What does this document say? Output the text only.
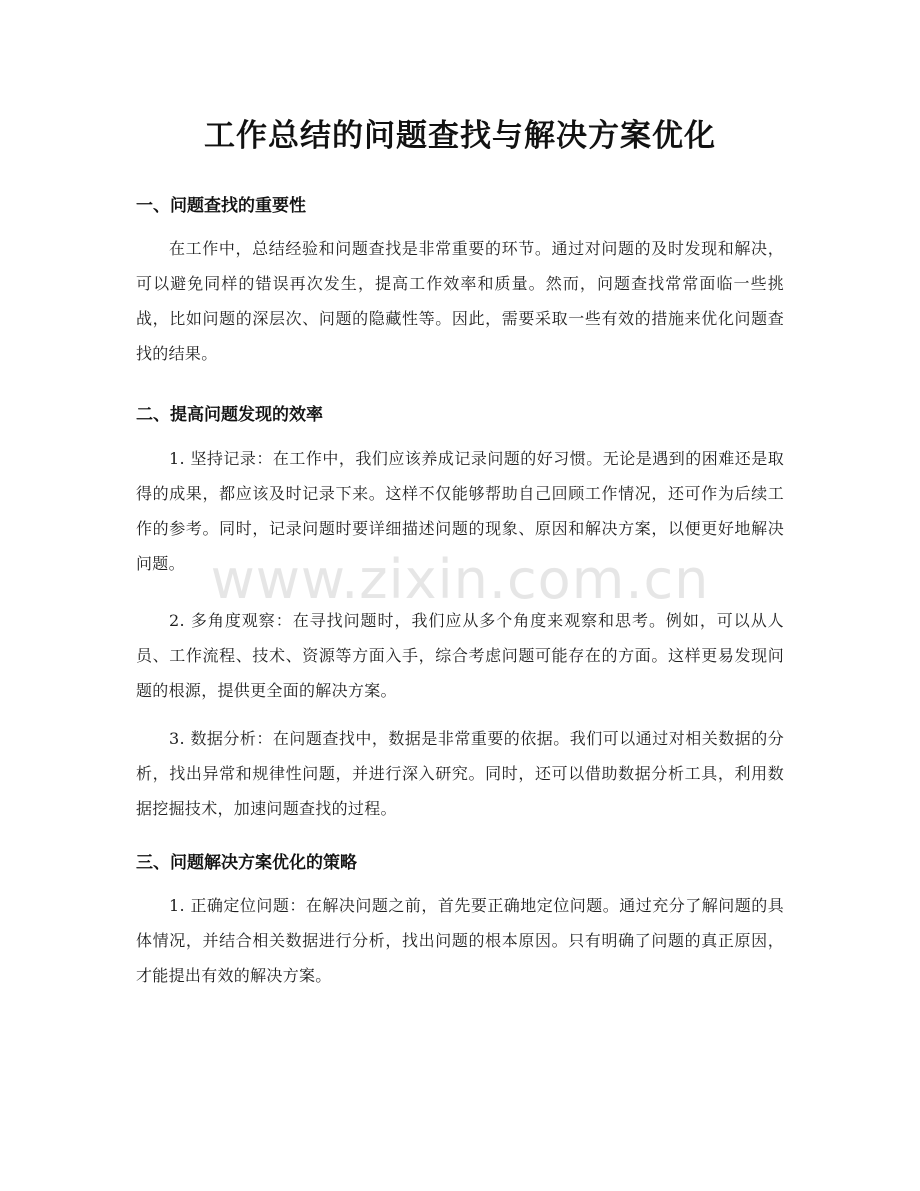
工作总结的问题查找与解决方案优化
一、问题查找的重要性

在工作中，总结经验和问题查找是非常重要的环节。通过对问题的及时发现和解决，可以避免同样的错误再次发生，提高工作效率和质量。然而，问题查找常常面临一些挑战，比如问题的深层次、问题的隐藏性等。因此，需要采取一些有效的措施来优化问题查找的结果。

二、提高问题发现的效率

1. 坚持记录：在工作中，我们应该养成记录问题的好习惯。无论是遇到的困难还是取得的成果，都应该及时记录下来。这样不仅能够帮助自己回顾工作情况，还可作为后续工作的参考。同时，记录问题时要详细描述问题的现象、原因和解决方案，以便更好地解决问题。

2. 多角度观察：在寻找问题时，我们应从多个角度来观察和思考。例如，可以从人员、工作流程、技术、资源等方面入手，综合考虑问题可能存在的方面。这样更易发现问题的根源，提供更全面的解决方案。

3. 数据分析：在问题查找中，数据是非常重要的依据。我们可以通过对相关数据的分析，找出异常和规律性问题，并进行深入研究。同时，还可以借助数据分析工具，利用数据挖掘技术，加速问题查找的过程。

三、问题解决方案优化的策略

1. 正确定位问题：在解决问题之前，首先要正确地定位问题。通过充分了解问题的具体情况，并结合相关数据进行分析，找出问题的根本原因。只有明确了问题的真正原因，才能提出有效的解决方案。

www.zixin.com.cn
